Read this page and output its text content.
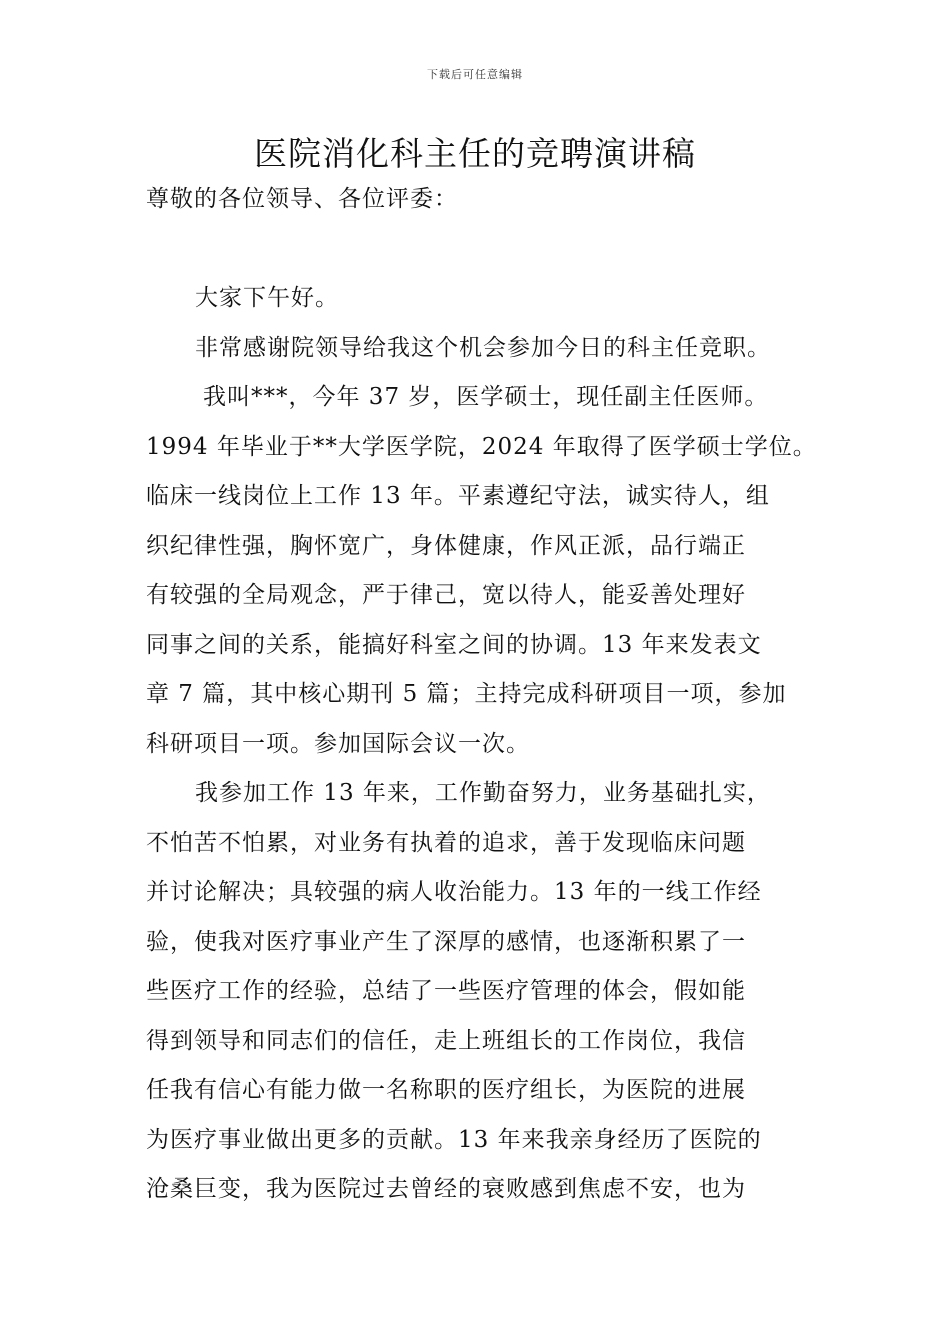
下载后可任意编辑
医院消化科主任的竞聘演讲稿
尊敬的各位领导、各位评委：
大家下午好。
非常感谢院领导给我这个机会参加今日的科主任竞职。
我叫***，今年 37 岁，医学硕士，现任副主任医师。
1994 年毕业于**大学医学院，2024 年取得了医学硕士学位。
临床一线岗位上工作 13 年。平素遵纪守法，诚实待人，组
织纪律性强，胸怀宽广，身体健康，作风正派，品行端正
有较强的全局观念，严于律己，宽以待人，能妥善处理好
同事之间的关系，能搞好科室之间的协调。13 年来发表文
章 7 篇，其中核心期刊 5 篇；主持完成科研项目一项，参加
科研项目一项。参加国际会议一次。
我参加工作 13 年来，工作勤奋努力，业务基础扎实，
不怕苦不怕累，对业务有执着的追求，善于发现临床问题
并讨论解决；具较强的病人收治能力。13 年的一线工作经
验，使我对医疗事业产生了深厚的感情，也逐渐积累了一
些医疗工作的经验，总结了一些医疗管理的体会，假如能
得到领导和同志们的信任，走上班组长的工作岗位，我信
任我有信心有能力做一名称职的医疗组长，为医院的进展
为医疗事业做出更多的贡献。13 年来我亲身经历了医院的
沧桑巨变，我为医院过去曾经的衰败感到焦虑不安，也为
